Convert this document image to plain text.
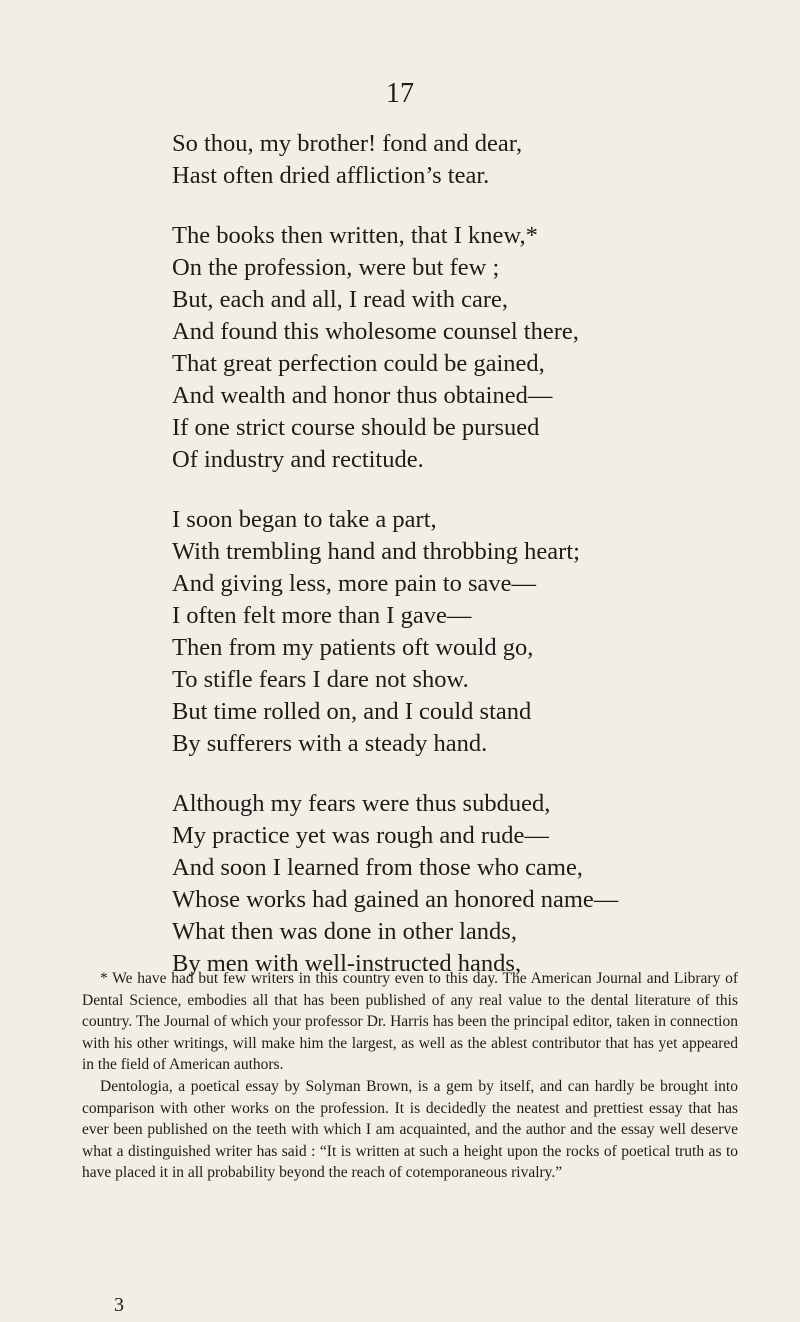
17
So thou, my brother! fond and dear,
Hast often dried affliction’s tear.
The books then written, that I knew,*
On the profession, were but few ;
But, each and all, I read with care,
And found this wholesome counsel there,
That great perfection could be gained,
And wealth and honor thus obtained—
If one strict course should be pursued
Of industry and rectitude.
I soon began to take a part,
With trembling hand and throbbing heart;
And giving less, more pain to save—
I often felt more than I gave—
Then from my patients oft would go,
To stifle fears I dare not show.
But time rolled on, and I could stand
By sufferers with a steady hand.
Although my fears were thus subdued,
My practice yet was rough and rude—
And soon I learned from those who came,
Whose works had gained an honored name—
What then was done in other lands,
By men with well-instructed hands,

* We have had but few writers in this country even to this day. The American Journal and Library of Dental Science, embodies all that has been published of any real value to the dental literature of this country. The Journal of which your professor Dr. Harris has been the principal editor, taken in connection with his other writings, will make him the largest, as well as the ablest contributor that has yet appeared in the field of American authors.

Dentologia, a poetical essay by Solyman Brown, is a gem by itself, and can hardly be brought into comparison with other works on the profession. It is decidedly the neatest and prettiest essay that has ever been published on the teeth with which I am acquainted, and the author and the essay well deserve what a distinguished writer has said : “It is written at such a height upon the rocks of poetical truth as to have placed it in all probability beyond the reach of cotemporaneous rivalry.”

3
